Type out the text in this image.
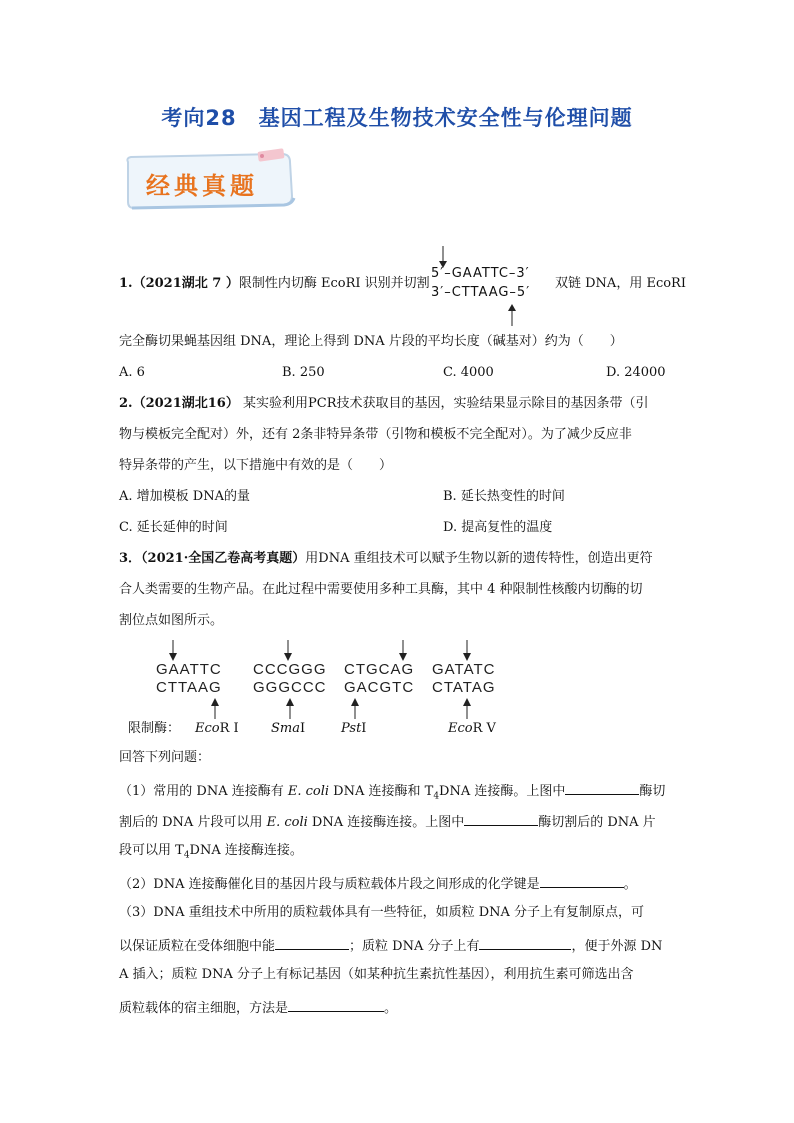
考向28　基因工程及生物技术安全性与伦理问题
经典真题
1.（2021湖北 7 ）限制性内切酶 EcoRI 识别并切割
5′–GAATTC–3′
3′–CTTAAG–5′
双链 DNA，用 EcoRI
完全酶切果蝇基因组 DNA，理论上得到 DNA 片段的平均长度（碱基对）约为（　　）
A. 6	B. 250	C. 4000	D. 24000
2.（2021湖北16） 某实验利用PCR技术获取目的基因，实验结果显示除目的基因条带（引
物与模板完全配对）外，还有 2条非特异条带（引物和模板不完全配对）。为了减少反应非
特异条带的产生，以下措施中有效的是（　　）
A. 增加模板 DNA的量	B. 延长热变性的时间
C. 延长延伸的时间	D. 提高复性的温度
3．（2021·全国乙卷高考真题）用DNA 重组技术可以赋予生物以新的遗传特性，创造出更符
合人类需要的生物产品。在此过程中需要使用多种工具酶，其中 4 种限制性核酸内切酶的切
割位点如图所示。
GAATTC
CTTAAG
CCCGGG
GGGCCC
CTGCAG
GACGTC
GATATC
CTATAG
限制酶： EcoR I SmaI	PstI	EcoR V
回答下列问题：
（1）常用的 DNA 连接酶有 E. coli DNA 连接酶和 $T_4DNA$ 连接酶。上图中	酶切
割后的 DNA 片段可以用 E. coli DNA 连接酶连接。上图中	酶切割后的 DNA 片
段可以用 $T_4DNA$ 连接酶连接。
（2）DNA 连接酶催化目的基因片段与质粒载体片段之间形成的化学键是	。
（3）DNA 重组技术中所用的质粒载体具有一些特征，如质粒 DNA 分子上有复制原点，可
以保证质粒在受体细胞中能	；质粒 DNA 分子上有	，便于外源 DN
A 插入；质粒 DNA 分子上有标记基因（如某种抗生素抗性基因），利用抗生素可筛选出含
质粒载体的宿主细胞，方法是	。
